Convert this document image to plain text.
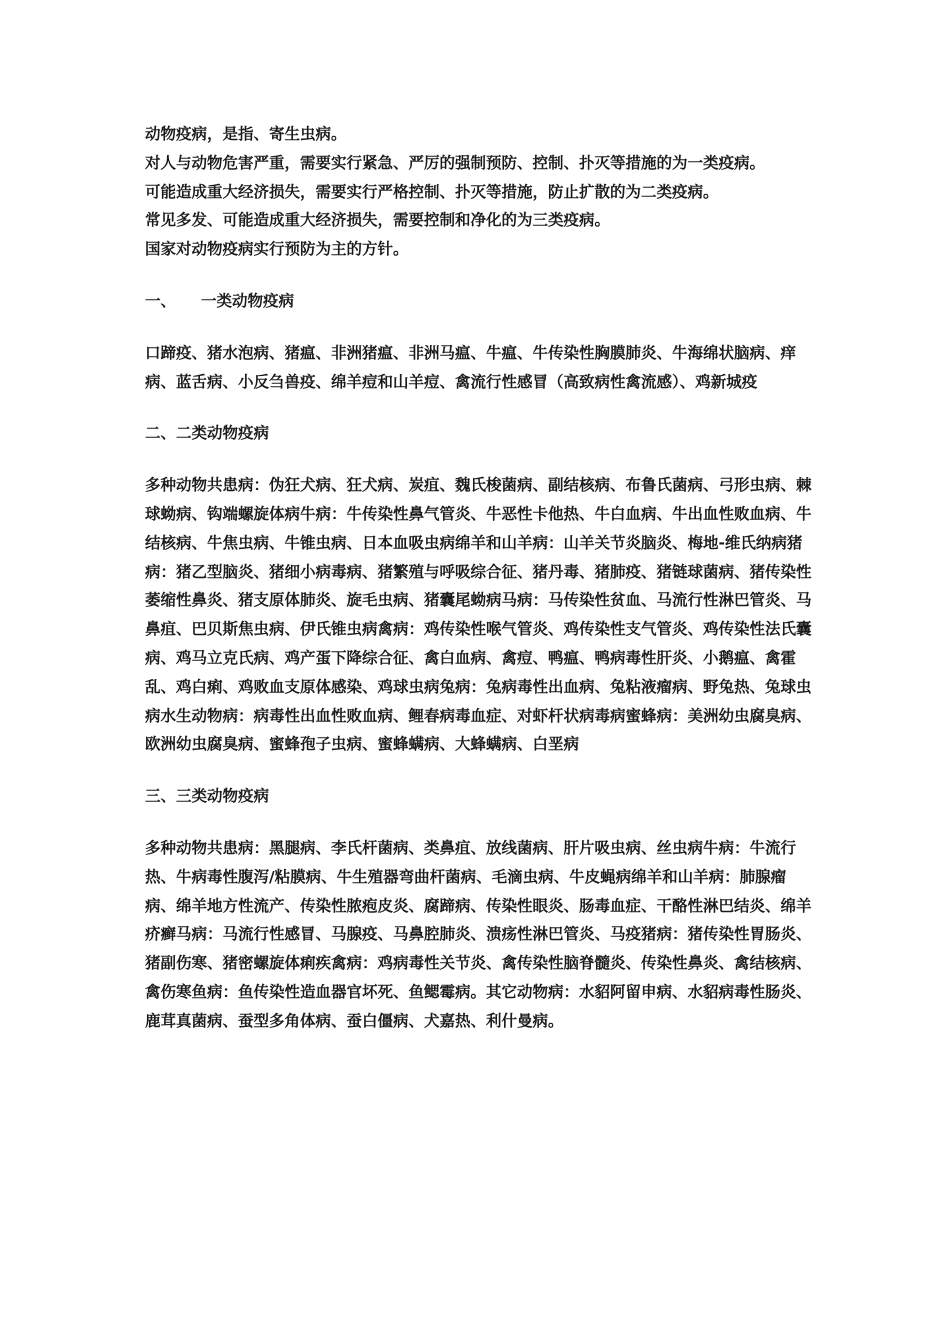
动物疫病，是指、寄生虫病。

对人与动物危害严重，需要实行紧急、严厉的强制预防、控制、扑灭等措施的为一类疫病。

可能造成重大经济损失，需要实行严格控制、扑灭等措施，防止扩散的为二类疫病。

常见多发、可能造成重大经济损失，需要控制和净化的为三类疫病。

国家对动物疫病实行预防为主的方针。

一、	一类动物疫病

口蹄疫、猪水泡病、猪瘟、非洲猪瘟、非洲马瘟、牛瘟、牛传染性胸膜肺炎、牛海绵状脑病、痒病、蓝舌病、小反刍兽疫、绵羊痘和山羊痘、禽流行性感冒（高致病性禽流感）、鸡新城疫

二、二类动物疫病

多种动物共患病：伪狂犬病、狂犬病、炭疽、魏氏梭菌病、副结核病、布鲁氏菌病、弓形虫病、棘球蚴病、钩端螺旋体病牛病：牛传染性鼻气管炎、牛恶性卡他热、牛白血病、牛出血性败血病、牛结核病、牛焦虫病、牛锥虫病、日本血吸虫病绵羊和山羊病：山羊关节炎脑炎、梅地-维氏纳病猪病：猪乙型脑炎、猪细小病毒病、猪繁殖与呼吸综合征、猪丹毒、猪肺疫、猪链球菌病、猪传染性萎缩性鼻炎、猪支原体肺炎、旋毛虫病、猪囊尾蚴病马病：马传染性贫血、马流行性淋巴管炎、马鼻疽、巴贝斯焦虫病、伊氏锥虫病禽病：鸡传染性喉气管炎、鸡传染性支气管炎、鸡传染性法氏囊病、鸡马立克氏病、鸡产蛋下降综合征、禽白血病、禽痘、鸭瘟、鸭病毒性肝炎、小鹅瘟、禽霍乱、鸡白痢、鸡败血支原体感染、鸡球虫病兔病：兔病毒性出血病、兔粘液瘤病、野兔热、兔球虫病水生动物病：病毒性出血性败血病、鲤春病毒血症、对虾杆状病毒病蜜蜂病：美洲幼虫腐臭病、欧洲幼虫腐臭病、蜜蜂孢子虫病、蜜蜂螨病、大蜂螨病、白垩病

三、三类动物疫病

多种动物共患病：黑腿病、李氏杆菌病、类鼻疽、放线菌病、肝片吸虫病、丝虫病牛病：牛流行热、牛病毒性腹泻/粘膜病、牛生殖器弯曲杆菌病、毛滴虫病、牛皮蝇病绵羊和山羊病：肺腺瘤病、绵羊地方性流产、传染性脓疱皮炎、腐蹄病、传染性眼炎、肠毒血症、干酪性淋巴结炎、绵羊疥癣马病：马流行性感冒、马腺疫、马鼻腔肺炎、溃疡性淋巴管炎、马疫猪病：猪传染性胃肠炎、猪副伤寒、猪密螺旋体痢疾禽病：鸡病毒性关节炎、禽传染性脑脊髓炎、传染性鼻炎、禽结核病、禽伤寒鱼病：鱼传染性造血器官坏死、鱼鳃霉病。其它动物病：水貂阿留申病、水貂病毒性肠炎、鹿茸真菌病、蚕型多角体病、蚕白僵病、犬嘉热、利什曼病。
